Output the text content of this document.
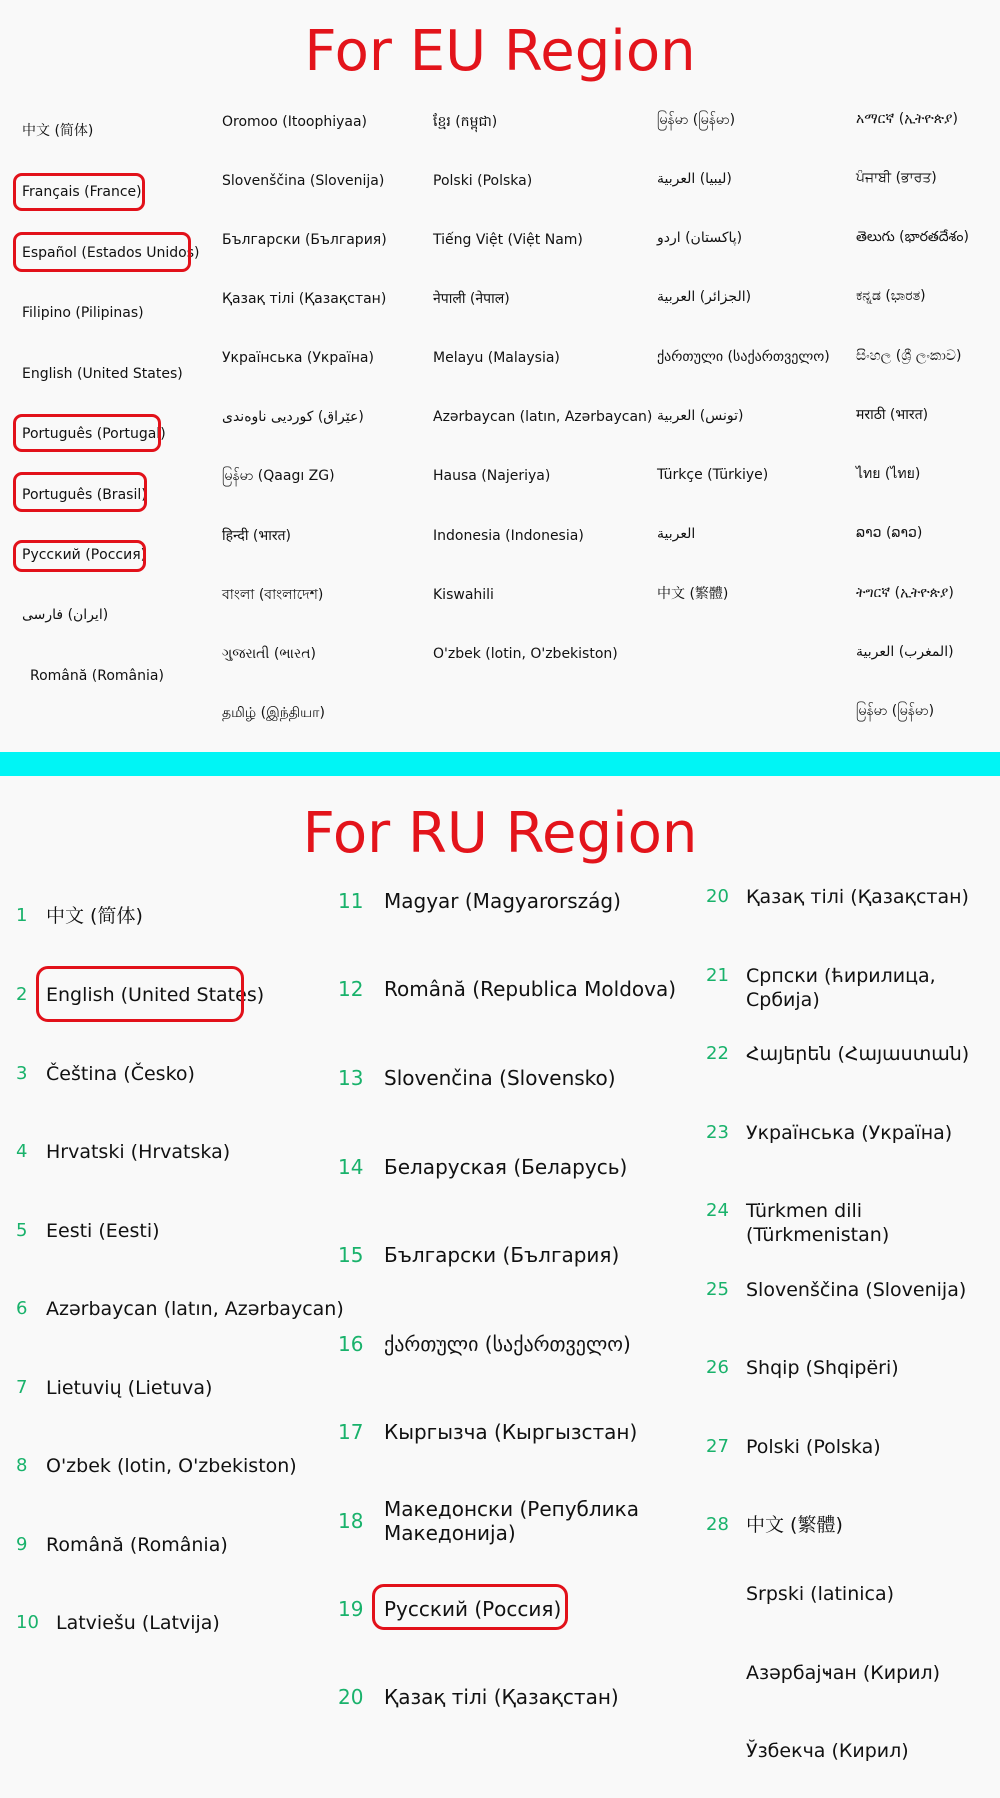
For EU Region
中文 (简体)
Français (France)
Español (Estados Unidos)
Filipino (Pilipinas)
English (United States)
Português (Portugal)
Português (Brasil)
Русский (Россия)
(ایران) فارسی
Română (România)
Oromoo (Itoophiyaa)
Slovenščina (Slovenija)
Български (България)
Қазақ тілі (Қазақстан)
Українська (Україна)
(عێراق) کوردیی ناوەندی
မြန်မာ (Qaagı ZG)
हिन्दी (भारत)
বাংলা (বাংলাদেশ)
ગુજરાતી (ભારત)
தமிழ் (இந்தியா)
ខ្មែរ (កម្ពុជា)
Polski (Polska)
Tiếng Việt (Việt Nam)
नेपाली (नेपाल)
Melayu (Malaysia)
Azərbaycan (latın, Azərbaycan)
Hausa (Najeriya)
Indonesia (Indonesia)
Kiswahili
O'zbek (lotin, O'zbekiston)
မြန်မာ (မြန်မာ)
(ليبيا) العربية
(پاکستان) اردو
(الجزائر) العربية
ქართული (საქართველო)
(تونس) العربية
Türkçe (Türkiye)
العربية
中文 (繁體)
አማርኛ (ኢትዮጵያ)
ਪੰਜਾਬੀ (ਭਾਰਤ)
తెలుగు (భారతదేశం)
ಕನ್ನಡ (ಭಾರತ)
සිංහල (ශ්‍රී ලංකාව)
मराठी (भारत)
ไทย (ไทย)
ລາວ (ລາວ)
ትግርኛ (ኢትዮጵያ)
(المغرب) العربية
မြန်မာ (မြန်မာ)
For RU Region
1 中文 (简体)
2 English (United States)
3 Čeština (Česko)
4 Hrvatski (Hrvatska)
5 Eesti (Eesti)
6 Azərbaycan (latın, Azərbaycan)
7 Lietuvių (Lietuva)
8 O'zbek (lotin, O'zbekiston)
9 Română (România)
10 Latviešu (Latvija)
11 Magyar (Magyarország)
12 Română (Republica Moldova)
13 Slovenčina (Slovensko)
14 Беларуская (Беларусь)
15 Български (България)
16 ქართული (საქართველო)
17 Кыргызча (Кыргызстан)
18 Македонски (Република Македонија)
19 Русский (Россия)
20 Қазақ тілі (Қазақстан)
20 Қазақ тілі (Қазақстан)
21 Српски (ћирилица, Србија)
22 Հայերեն (Հայաստան)
23 Українська (Україна)
24 Türkmen dili (Türkmenistan)
25 Slovenščina (Slovenija)
26 Shqip (Shqipëri)
27 Polski (Polska)
28 中文 (繁體)
Srpski (latinica)
Азәрбајҹан (Кирил)
Ўзбекча (Кирил)
